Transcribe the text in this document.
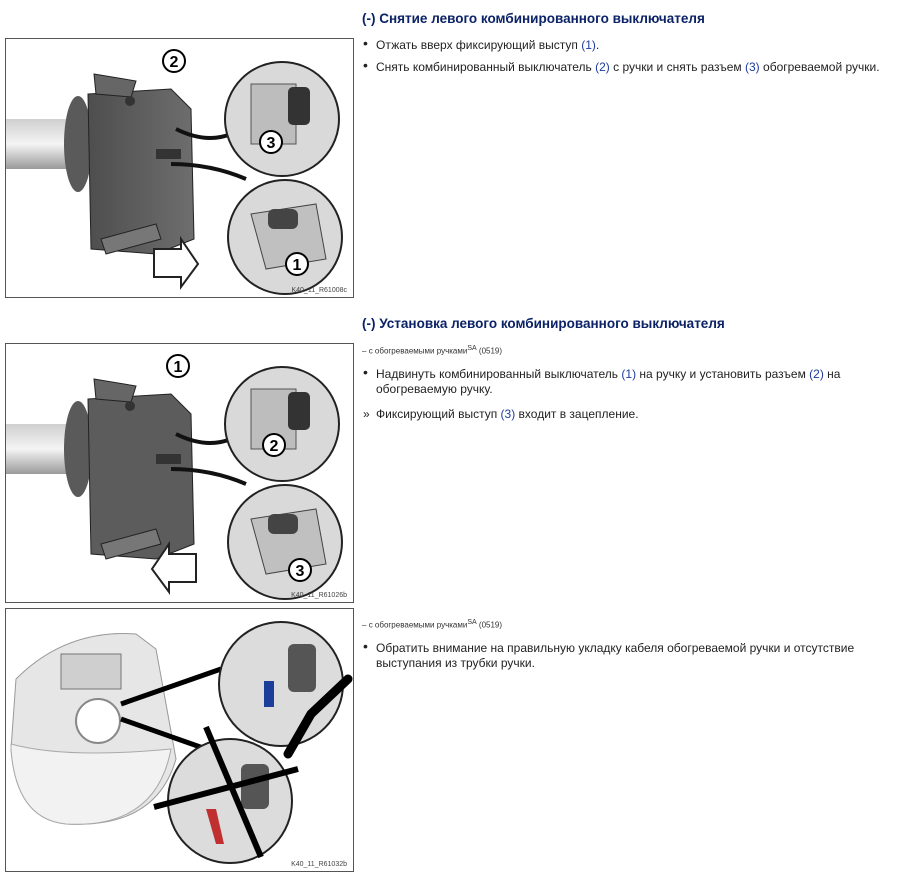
2
3
1
K40_11_R61008c
1
2
3
K40_11_R61026b
K40_11_R61032b
(-) Снятие левого комбинированного выключателя
• Отжать вверх фиксирующий выступ (1).
• Снять комбинированный выключатель (2) с ручки и снять разъем (3) обогреваемой ручки.
(-) Установка левого комбинированного выключателя
– с обогреваемыми ручками$^{SA}$ (0519)
• Надвинуть комбинированный выключатель (1) на ручку и установить разъем (2) на обогреваемую ручку.
» Фиксирующий выступ (3) входит в зацепление.
– с обогреваемыми ручками$^{SA}$ (0519)
• Обратить внимание на правильную укладку кабеля обогреваемой ручки и отсутствие выступания из трубки ручки.
